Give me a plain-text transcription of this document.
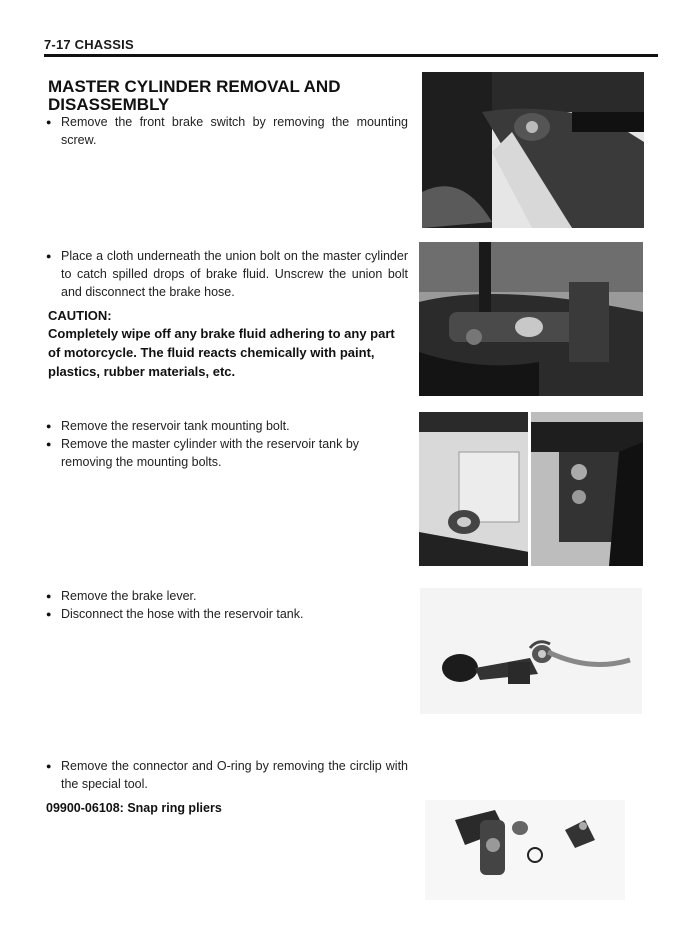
7-17 CHASSIS
MASTER CYLINDER REMOVAL AND
DISASSEMBLY
● Remove the front brake switch by removing the mounting screw.
● Place a cloth underneath the union bolt on the master cylinder to catch spilled drops of brake fluid. Unscrew the union bolt and disconnect the brake hose.
CAUTION:
Completely wipe off any brake fluid adhering to any part of motorcycle. The fluid reacts chemically with paint, plastics, rubber materials, etc.
● Remove the reservoir tank mounting bolt.
● Remove the master cylinder with the reservoir tank by removing the mounting bolts.
● Remove the brake lever.
● Disconnect the hose with the reservoir tank.
● Remove the connector and O-ring by removing the circlip with the special tool.
09900-06108: Snap ring pliers
